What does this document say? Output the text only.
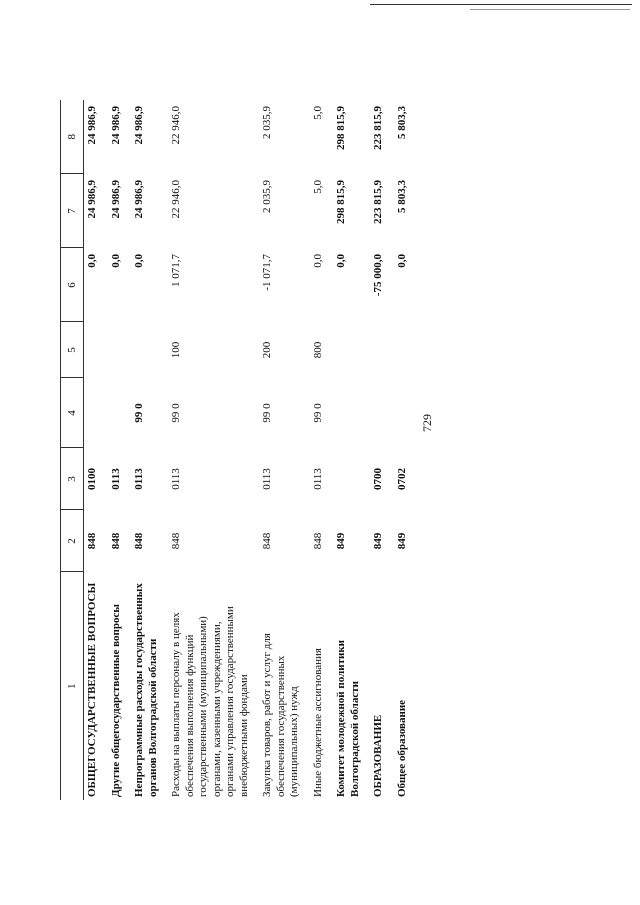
729
1	2	3	4	5	6	7	8
ОБЩЕГОСУДАРСТВЕННЫЕ ВОПРОСЫ	848	0100			0,0	24 986,9	24 986,9
Другие общегосударственные вопросы	848	0113			0,0	24 986,9	24 986,9
Непрограммные расходы государственных органов Волгоградской области	848	0113	99 0		0,0	24 986,9	24 986,9
Расходы на выплаты персоналу в целях обеспечения выполнения функций государственными (муниципальными) органами, казенными учреждениями, органами управления государственными внебюджетными фондами	848	0113	99 0	100	1 071,7	22 946,0	22 946,0
Закупка товаров, работ и услуг для обеспечения государственных (муниципальных) нужд	848	0113	99 0	200	-1 071,7	2 035,9	2 035,9
Иные бюджетные ассигнования	848	0113	99 0	800	0,0	5,0	5,0
Комитет молодежной политики Волгоградской области	849				0,0	298 815,9	298 815,9
ОБРАЗОВАНИЕ	849	0700			-75 000,0	223 815,9	223 815,9
Общее образование	849	0702			0,0	5 803,3	5 803,3
